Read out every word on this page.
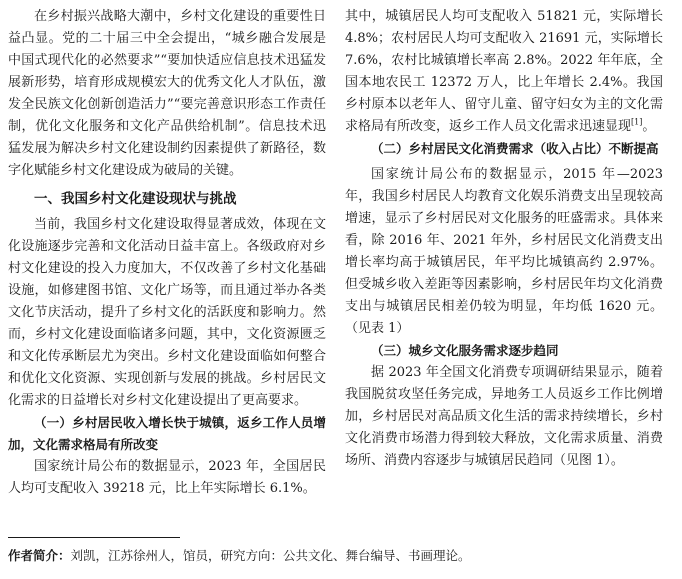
在乡村振兴战略大潮中，乡村文化建设的重要性日益凸显。党的二十届三中全会提出，“城乡融合发展是中国式现代化的必然要求”“要加快适应信息技术迅猛发展新形势，培育形成规模宏大的优秀文化人才队伍，激发全民族文化创新创造活力”“要完善意识形态工作责任制，优化文化服务和文化产品供给机制”。信息技术迅猛发展为解决乡村文化建设制约因素提供了新路径，数字化赋能乡村文化建设成为破局的关键。

一、我国乡村文化建设现状与挑战

当前，我国乡村文化建设取得显著成效，体现在文化设施逐步完善和文化活动日益丰富上。各级政府对乡村文化建设的投入力度加大，不仅改善了乡村文化基础设施，如修建图书馆、文化广场等，而且通过举办各类文化节庆活动，提升了乡村文化的活跃度和影响力。然而，乡村文化建设面临诸多问题，其中，文化资源匮乏和文化传承断层尤为突出。乡村文化建设面临如何整合和优化文化资源、实现创新与发展的挑战。乡村居民文化需求的日益增长对乡村文化建设提出了更高要求。

（一）乡村居民收入增长快于城镇，返乡工作人员增加，文化需求格局有所改变

国家统计局公布的数据显示，2023 年，全国居民人均可支配收入 39218 元，比上年实际增长 6.1%。

其中，城镇居民人均可支配收入 51821 元，实际增长 4.8%；农村居民人均可支配收入 21691 元，实际增长 7.6%，农村比城镇增长率高 2.8%。2022 年年底，全国本地农民工 12372 万人，比上年增长 2.4%。我国乡村原本以老年人、留守儿童、留守妇女为主的文化需求格局有所改变，返乡工作人员文化需求迅速显现[1]。

（二）乡村居民文化消费需求（收入占比）不断提高

国家统计局公布的数据显示，2015 年—2023 年，我国乡村居民人均教育文化娱乐消费支出呈现较高增速，显示了乡村居民对文化服务的旺盛需求。具体来看，除 2016 年、2021 年外，乡村居民文化消费支出增长率均高于城镇居民，年平均比城镇高约 2.97%。但受城乡收入差距等因素影响，乡村居民年均文化消费支出与城镇居民相差仍较为明显，年均低 1620 元。（见表 1）

（三）城乡文化服务需求逐步趋同

据 2023 年全国文化消费专项调研结果显示，随着我国脱贫攻坚任务完成，异地务工人员返乡工作比例增加，乡村居民对高品质文化生活的需求持续增长，乡村文化消费市场潜力得到较大释放，文化需求质量、消费场所、消费内容逐步与城镇居民趋同（见图 1）。

作者简介：刘凯，江苏徐州人，馆员，研究方向：公共文化、舞台编导、书画理论。
